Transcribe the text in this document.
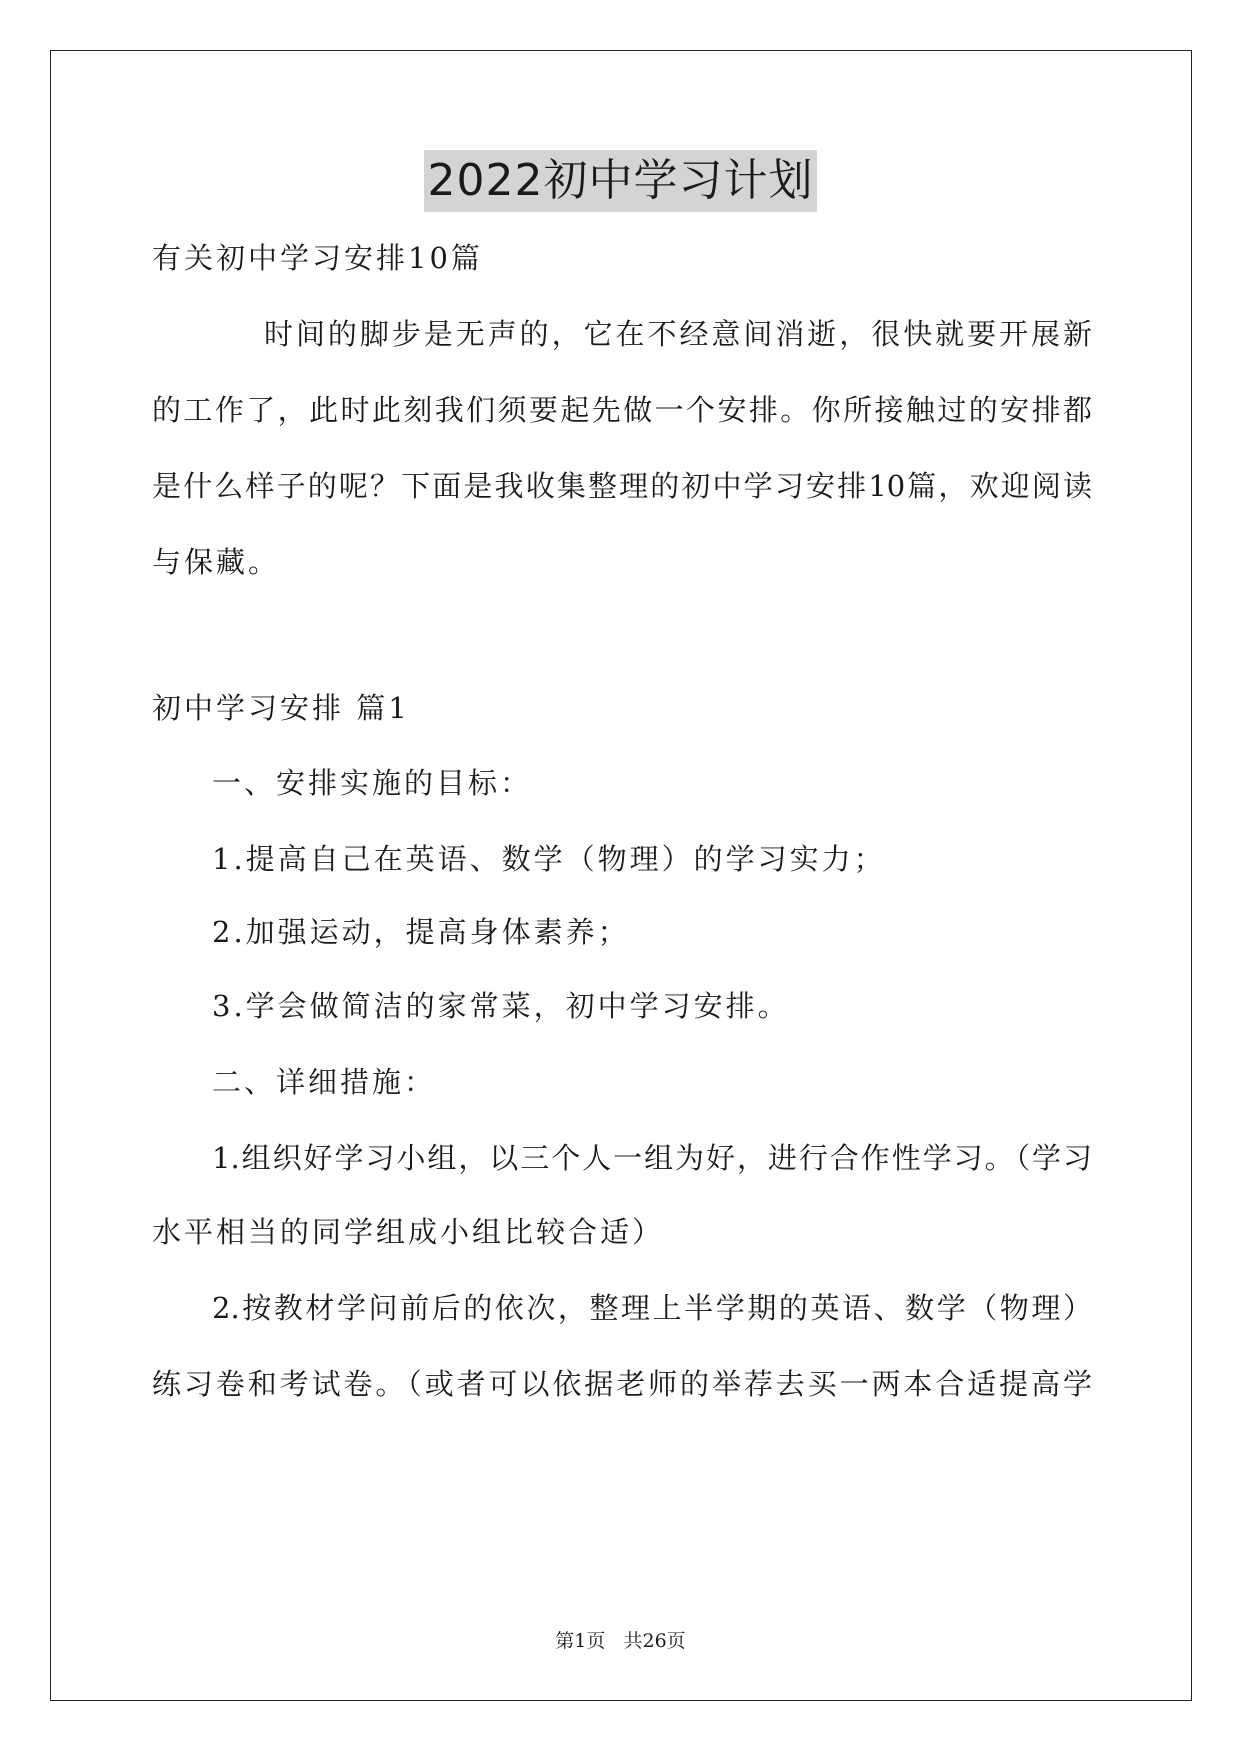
2022初中学习计划
有关初中学习安排10篇
时间的脚步是无声的，它在不经意间消逝，很快就要开展新
的工作了，此时此刻我们须要起先做一个安排。你所接触过的安排都
是什么样子的呢？下面是我收集整理的初中学习安排10篇，欢迎阅读
与保藏。
初中学习安排 篇1
一、安排实施的目标：
1.提高自己在英语、数学（物理）的学习实力；
2.加强运动，提高身体素养；
3.学会做简洁的家常菜，初中学习安排。
二、详细措施：
1.组织好学习小组，以三个人一组为好，进行合作性学习。（学习
水平相当的同学组成小组比较合适）
2.按教材学问前后的依次，整理上半学期的英语、数学（物理）
练习卷和考试卷。（或者可以依据老师的举荐去买一两本合适提高学
第1页   共26页
